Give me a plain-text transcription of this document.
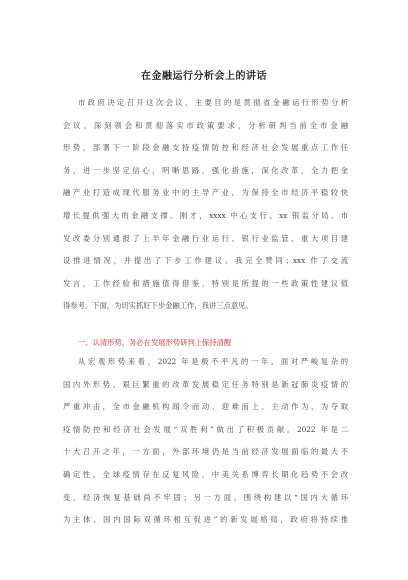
在金融运行分析会上的讲话
市政府决定召开这次会议，主要目的是贯彻省金融运行形势分析
会议，深刻领会和贯彻落实市政策要求，分析研判当前全市金融
形势，部署下一阶段金融支持疫情防控和经济社会发展重点工作任
务，进一步坚定信心，明晰思路，强化措施，深化改革，全力把金
融产业打造成现代服务业中的主导产业，为保持全市经济平稳较快
增长提供强大的金融支撑。刚才，xxxx 中心支行、xx 银监分局、市
发改委分别通报了上半年金融行业运行、银行业监管、重大项目建
设推进情况，并提出了下步工作建议。我完全赞同；xxx 作了交流
发言，工作经验和措施值得借鉴，特别是所提的一些政策性建议值
得参考。下面，为切实抓好下步金融工作，我讲三点意见。
一、认清形势，务必在发展形势研判上保持清醒
从宏观形势来看，2022 年是极不平凡的一年，面对严峻复杂的
国内外形势、艰巨繁重的改革发展稳定任务特别是新冠肺炎疫情的
严重冲击，全市金融机构闻令而动、迎难而上、主动作为，为夺取
疫情防控和经济社会发展“双胜利”做出了积极贡献。2022 年是二
十大召开之年，一方面，外部环境仍是当前经济发展面临的最大不
确定性，全球疫情存在反复风险，中美关系博弈长期化趋势不会改
变，经济恢复基础尚不牢固；另一方面，围绕构建以“国内大循环
为主体、国内国际双循环相互促进”的新发展格局，政府将持续推
